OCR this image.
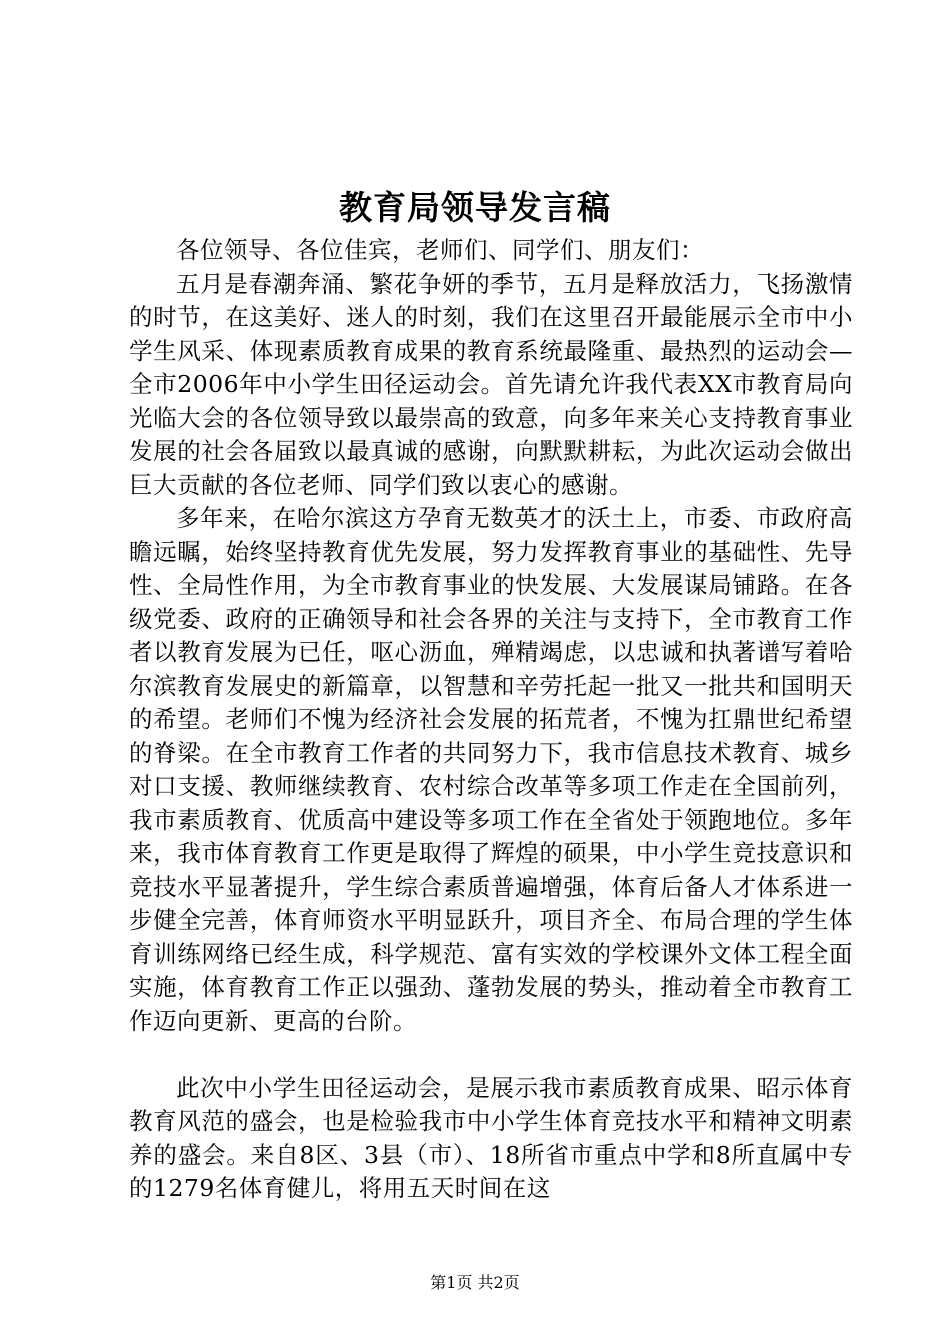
教育局领导发言稿

各位领导、各位佳宾，老师们、同学们、朋友们：

五月是春潮奔涌、繁花争妍的季节，五月是释放活力，飞扬激情的时节，在这美好、迷人的时刻，我们在这里召开最能展示全市中小学生风采、体现素质教育成果的教育系统最隆重、最热烈的运动会—全市2006年中小学生田径运动会。首先请允许我代表XX市教育局向光临大会的各位领导致以最崇高的致意，向多年来关心支持教育事业发展的社会各届致以最真诚的感谢，向默默耕耘，为此次运动会做出巨大贡献的各位老师、同学们致以衷心的感谢。

多年来，在哈尔滨这方孕育无数英才的沃土上，市委、市政府高瞻远瞩，始终坚持教育优先发展，努力发挥教育事业的基础性、先导性、全局性作用，为全市教育事业的快发展、大发展谋局铺路。在各级党委、政府的正确领导和社会各界的关注与支持下，全市教育工作者以教育发展为已任，呕心沥血，殚精竭虑，以忠诚和执著谱写着哈尔滨教育发展史的新篇章，以智慧和辛劳托起一批又一批共和国明天的希望。老师们不愧为经济社会发展的拓荒者，不愧为扛鼎世纪希望的脊梁。在全市教育工作者的共同努力下，我市信息技术教育、城乡对口支援、教师继续教育、农村综合改革等多项工作走在全国前列，我市素质教育、优质高中建设等多项工作在全省处于领跑地位。多年来，我市体育教育工作更是取得了辉煌的硕果，中小学生竞技意识和竞技水平显著提升，学生综合素质普遍增强，体育后备人才体系进一步健全完善，体育师资水平明显跃升，项目齐全、布局合理的学生体育训练网络已经生成，科学规范、富有实效的学校课外文体工程全面实施，体育教育工作正以强劲、蓬勃发展的势头，推动着全市教育工作迈向更新、更高的台阶。

此次中小学生田径运动会，是展示我市素质教育成果、昭示体育教育风范的盛会，也是检验我市中小学生体育竞技水平和精神文明素养的盛会。来自8区、3县（市）、18所省市重点中学和8所直属中专的1279名体育健儿，将用五天时间在这

第1页 共2页
